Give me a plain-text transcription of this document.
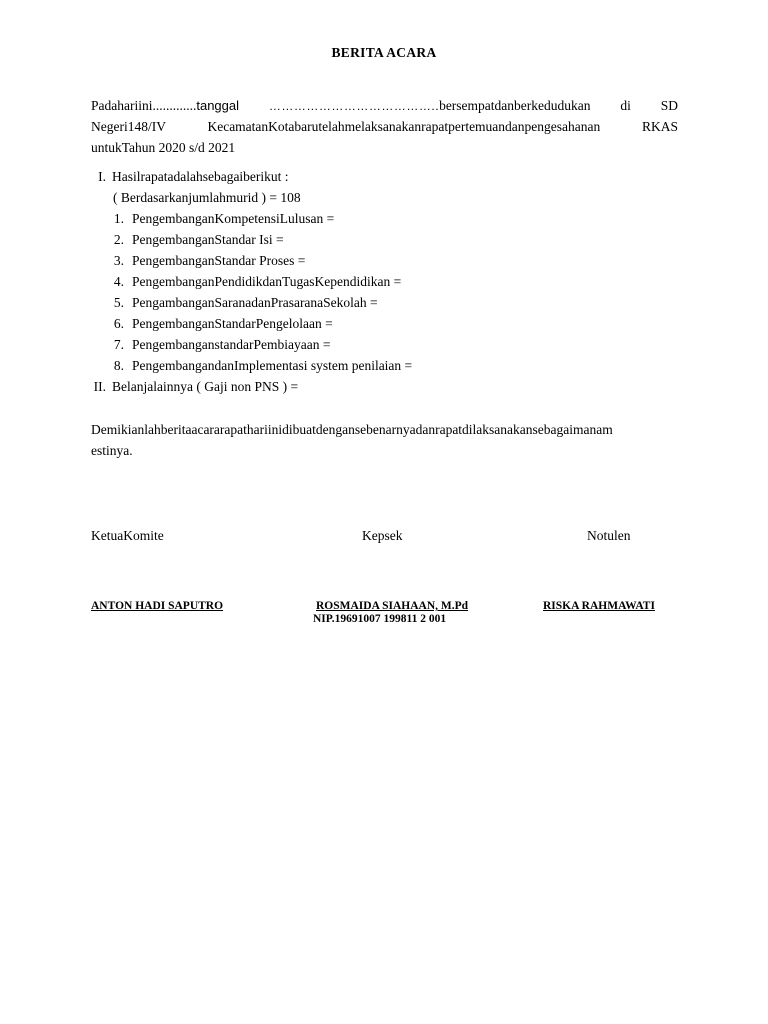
BERITA ACARA
Padahariini.............tanggal …………………………………..bersempatdanberkedudukan di SD
Negeri148/IV KecamatanKotabarutelahmelaksanakanrapatpertemuandanpengesahanan RKAS
untukTahun 2020 s/d 2021
I. Hasilrapatadalahsebagaiberikut :
( Berdasarkanjumlahmurid ) = 108
1. PengembanganKompetensiLulusan =
2. PengembanganStandar Isi =
3. PengembanganStandar Proses =
4. PengembanganPendidikdanTugasKependidikan =
5. PengambanganSaranadanPrasaranaSekolah =
6. PengembanganStandarPengelolaan =
7. PengembanganstandarPembiayaan =
8. PengembangandanImplementasi system penilaian =
II. Belanjalainnya ( Gaji non PNS ) =
Demikianlahberitaacararapathariinidibuatdengansebenarnyadanrapatdilaksanakansebagaimanam
estinya.
KetuaKomite	Kepsek	Notulen
ANTON HADI SAPUTRO	ROSMAIDA SIAHAAN, M.Pd	RISKA RAHMAWATI
NIP.19691007 199811 2 001
